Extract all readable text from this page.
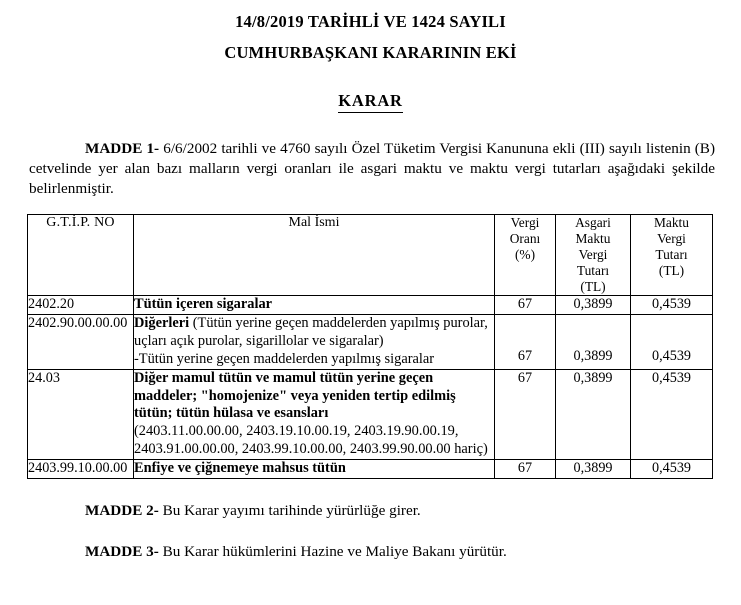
14/8/2019 TARİHLİ VE 1424 SAYILI
CUMHURBAŞKANI KARARININ EKİ
KARAR

MADDE 1- 6/6/2002 tarihli ve 4760 sayılı Özel Tüketim Vergisi Kanununa ekli (III) sayılı listenin (B) cetvelinde yer alan bazı malların vergi oranları ile asgari maktu ve maktu vergi tutarları aşağıdaki şekilde belirlenmiştir.

G.T.İ.P. NO	Mal İsmi	Vergi
Oranı
(%)	Asgari
Maktu
Vergi
Tutarı
(TL)	Maktu
Vergi
Tutarı
(TL)

2402.20	Tütün içeren sigaralar	67	0,3899	0,4539
2402.90.00.00.00	Diğerleri (Tütün yerine geçen maddelerden yapılmış purolar, uçları açık purolar, sigarillolar ve sigaralar)
-Tütün yerine geçen maddelerden yapılmış sigaralar	67	0,3899	0,4539
24.03	Diğer mamul tütün ve mamul tütün yerine geçen maddeler; "homojenize" veya yeniden tertip edilmiş tütün; tütün hülasa ve esansları
(2403.11.00.00.00, 2403.19.10.00.19, 2403.19.90.00.19,
2403.91.00.00.00, 2403.99.10.00.00, 2403.99.90.00.00 hariç)	67	0,3899	0,4539
2403.99.10.00.00	Enfiye ve çiğnemeye mahsus tütün	67	0,3899	0,4539

MADDE 2- Bu Karar yayımı tarihinde yürürlüğe girer.

MADDE 3- Bu Karar hükümlerini Hazine ve Maliye Bakanı yürütür.
